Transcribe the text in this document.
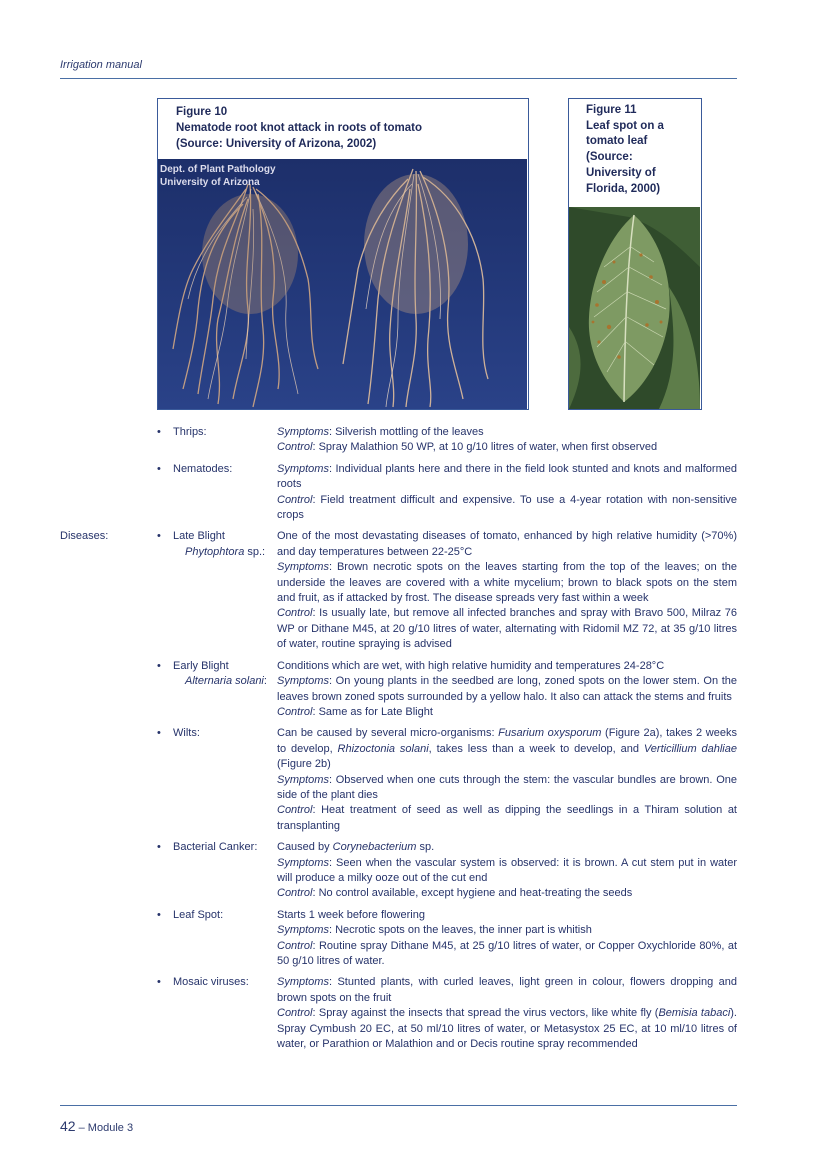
Irrigation manual
Figure 10
Nematode root knot attack in roots of tomato
(Source: University of Arizona, 2002)
Dept. of Plant Pathology
University of Arizona
Figure 11
Leaf spot on a
tomato leaf
(Source:
University of
Florida, 2000)
•	Thrips:	Symptoms: Silverish mottling of the leaves

Control: Spray Malathion 50 WP, at 10 g/10 litres of water, when first observed

•	Nematodes:	Symptoms: Individual plants here and there in the field look stunted and knots and malformed roots

Control: Field treatment difficult and expensive. To use a 4-year rotation with non-sensitive crops

Diseases:	•	Late Blight
Phytophtora sp.:

One of the most devastating diseases of tomato, enhanced by high relative humidity (>70%) and day temperatures between 22-25°C

Symptoms: Brown necrotic spots on the leaves starting from the top of the leaves; on the underside the leaves are covered with a white mycelium; brown to black spots on the stem and fruit, as if attacked by frost. The disease spreads very fast within a week

Control: Is usually late, but remove all infected branches and spray with Bravo 500, Milraz 76 WP or Dithane M45, at 20 g/10 litres of water, alternating with Ridomil MZ 72, at 35 g/10 litres of water, routine spraying is advised

•	Early Blight
Alternaria solani:

Conditions which are wet, with high relative humidity and temperatures 24-28°C

Symptoms: On young plants in the seedbed are long, zoned spots on the lower stem. On the leaves brown zoned spots surrounded by a yellow halo. It also can attack the stems and fruits

Control: Same as for Late Blight

•	Wilts:	Can be caused by several micro-organisms: Fusarium oxysporum (Figure 2a), takes 2 weeks to develop, Rhizoctonia solani, takes less than a week to develop, and Verticillium dahliae (Figure 2b)

Symptoms: Observed when one cuts through the stem: the vascular bundles are brown. One side of the plant dies

Control: Heat treatment of seed as well as dipping the seedlings in a Thiram solution at transplanting

•	Bacterial Canker:	Caused by Corynebacterium sp.

Symptoms: Seen when the vascular system is observed: it is brown. A cut stem put in water will produce a milky ooze out of the cut end

Control: No control available, except hygiene and heat-treating the seeds

•	Leaf Spot:	Starts 1 week before flowering

Symptoms: Necrotic spots on the leaves, the inner part is whitish

Control: Routine spray Dithane M45, at 25 g/10 litres of water, or Copper Oxychloride 80%, at 50 g/10 litres of water.

•	Mosaic viruses:	Symptoms: Stunted plants, with curled leaves, light green in colour, flowers dropping and brown spots on the fruit

Control: Spray against the insects that spread the virus vectors, like white fly (Bemisia tabaci). Spray Cymbush 20 EC, at 50 ml/10 litres of water, or Metasystox 25 EC, at 10 ml/10 litres of water, or Parathion or Malathion and or Decis routine spray recommended

42 – Module 3
